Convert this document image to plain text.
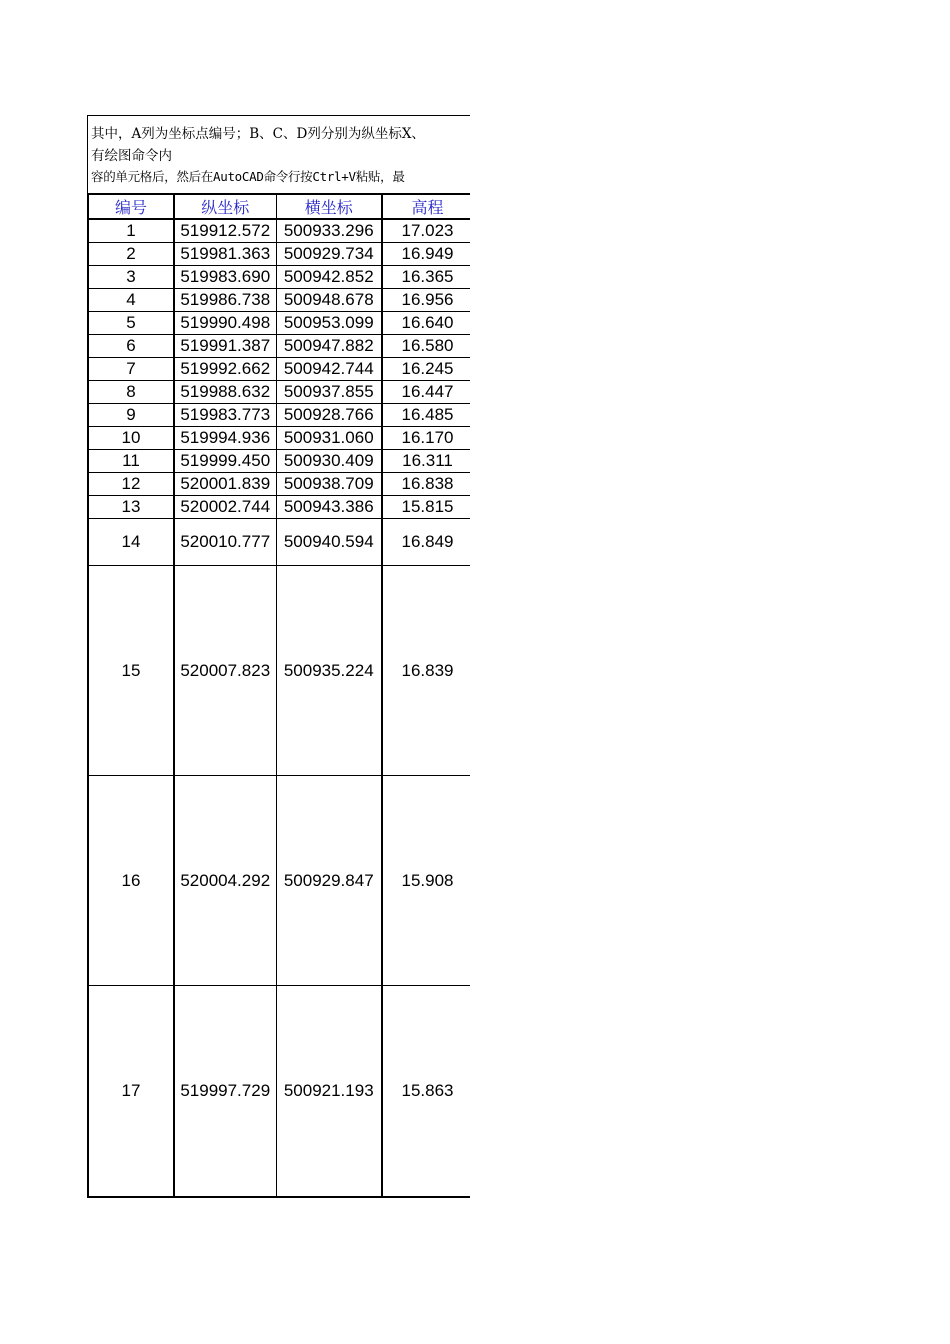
其中，A列为坐标点编号；B、C、D列分别为纵坐标X、
有绘图命令内
容的单元格后，然后在AutoCAD命令行按Ctrl+V粘贴，最
编号	纵坐标	横坐标	高程
1	519912.572	500933.296	17.023
2	519981.363	500929.734	16.949
3	519983.690	500942.852	16.365
4	519986.738	500948.678	16.956
5	519990.498	500953.099	16.640
6	519991.387	500947.882	16.580
7	519992.662	500942.744	16.245
8	519988.632	500937.855	16.447
9	519983.773	500928.766	16.485
10	519994.936	500931.060	16.170
11	519999.450	500930.409	16.311
12	520001.839	500938.709	16.838
13	520002.744	500943.386	15.815
14	520010.777	500940.594	16.849
15	520007.823	500935.224	16.839
16	520004.292	500929.847	15.908
17	519997.729	500921.193	15.863
